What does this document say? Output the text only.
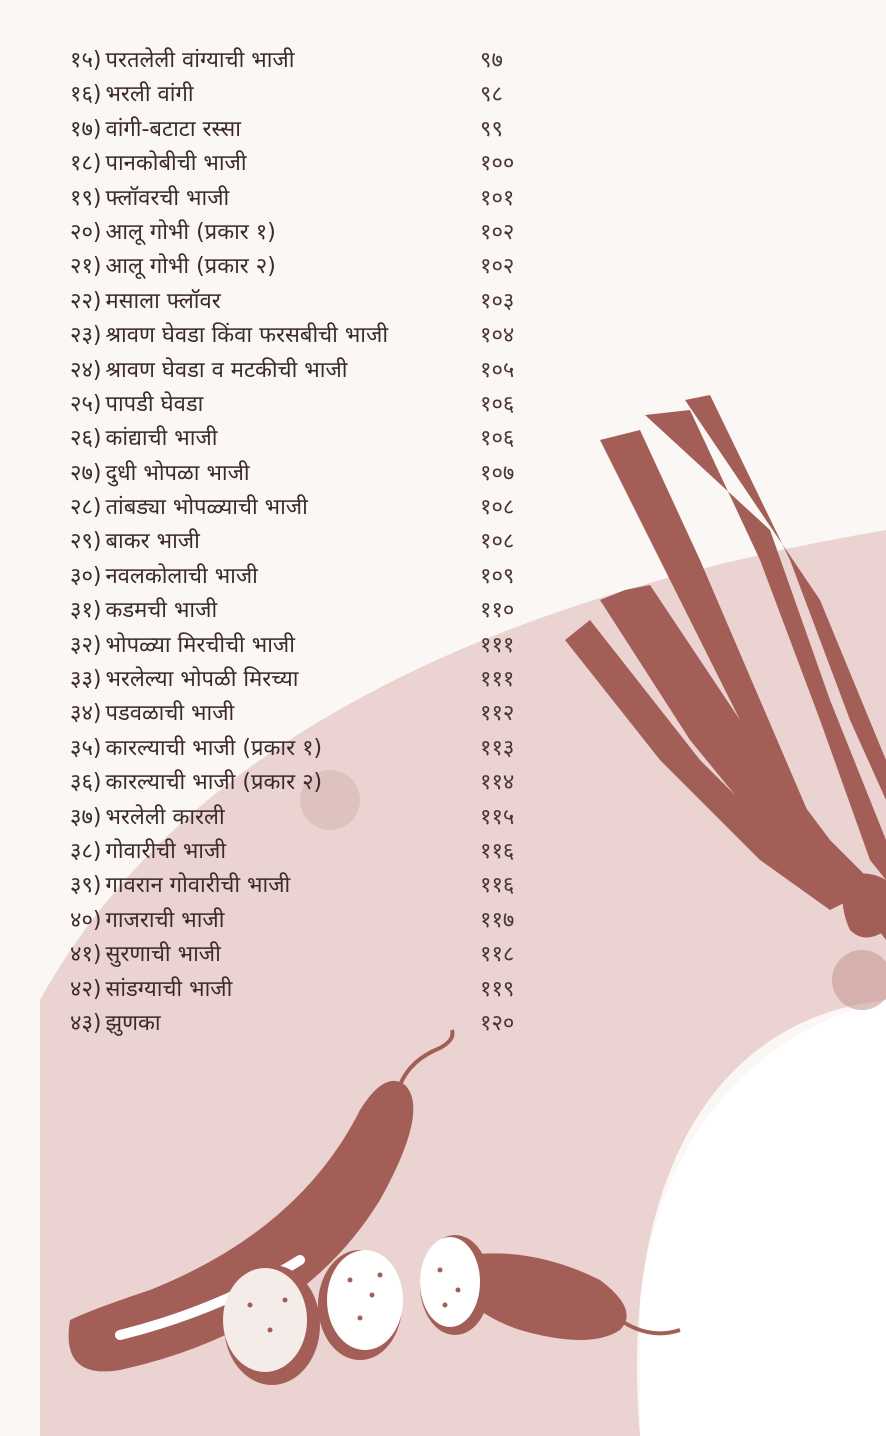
१५) परतलेली वांग्याची भाजी	९७
१६) भरली वांगी	९८
१७) वांगी-बटाटा रस्सा	९९
१८) पानकोबीची भाजी	१००
१९) फ्लॉवरची भाजी	१०१
२०) आलू गोभी (प्रकार १)	१०२
२१) आलू गोभी (प्रकार २)	१०२
२२) मसाला फ्लॉवर	१०३
२३) श्रावण घेवडा किंवा फरसबीची भाजी	१०४
२४) श्रावण घेवडा व मटकीची भाजी	१०५
२५) पापडी घेवडा	१०६
२६) कांद्याची भाजी	१०६
२७) दुधी भोपळा भाजी	१०७
२८) तांबड्या भोपळ्याची भाजी	१०८
२९) बाकर भाजी	१०८
३०) नवलकोलाची भाजी	१०९
३१) कडमची भाजी	११०
३२) भोपळ्या मिरचीची भाजी	१११
३३) भरलेल्या भोपळी मिरच्या	१११
३४) पडवळाची भाजी	११२
३५) कारल्याची भाजी (प्रकार १)	११३
३६) कारल्याची भाजी (प्रकार २)	११४
३७) भरलेली कारली	११५
३८) गोवारीची भाजी	११६
३९) गावरान गोवारीची भाजी	११६
४०) गाजराची भाजी	११७
४१) सुरणाची भाजी	११८
४२) सांडग्याची भाजी	११९
४३) झुणका	१२०
